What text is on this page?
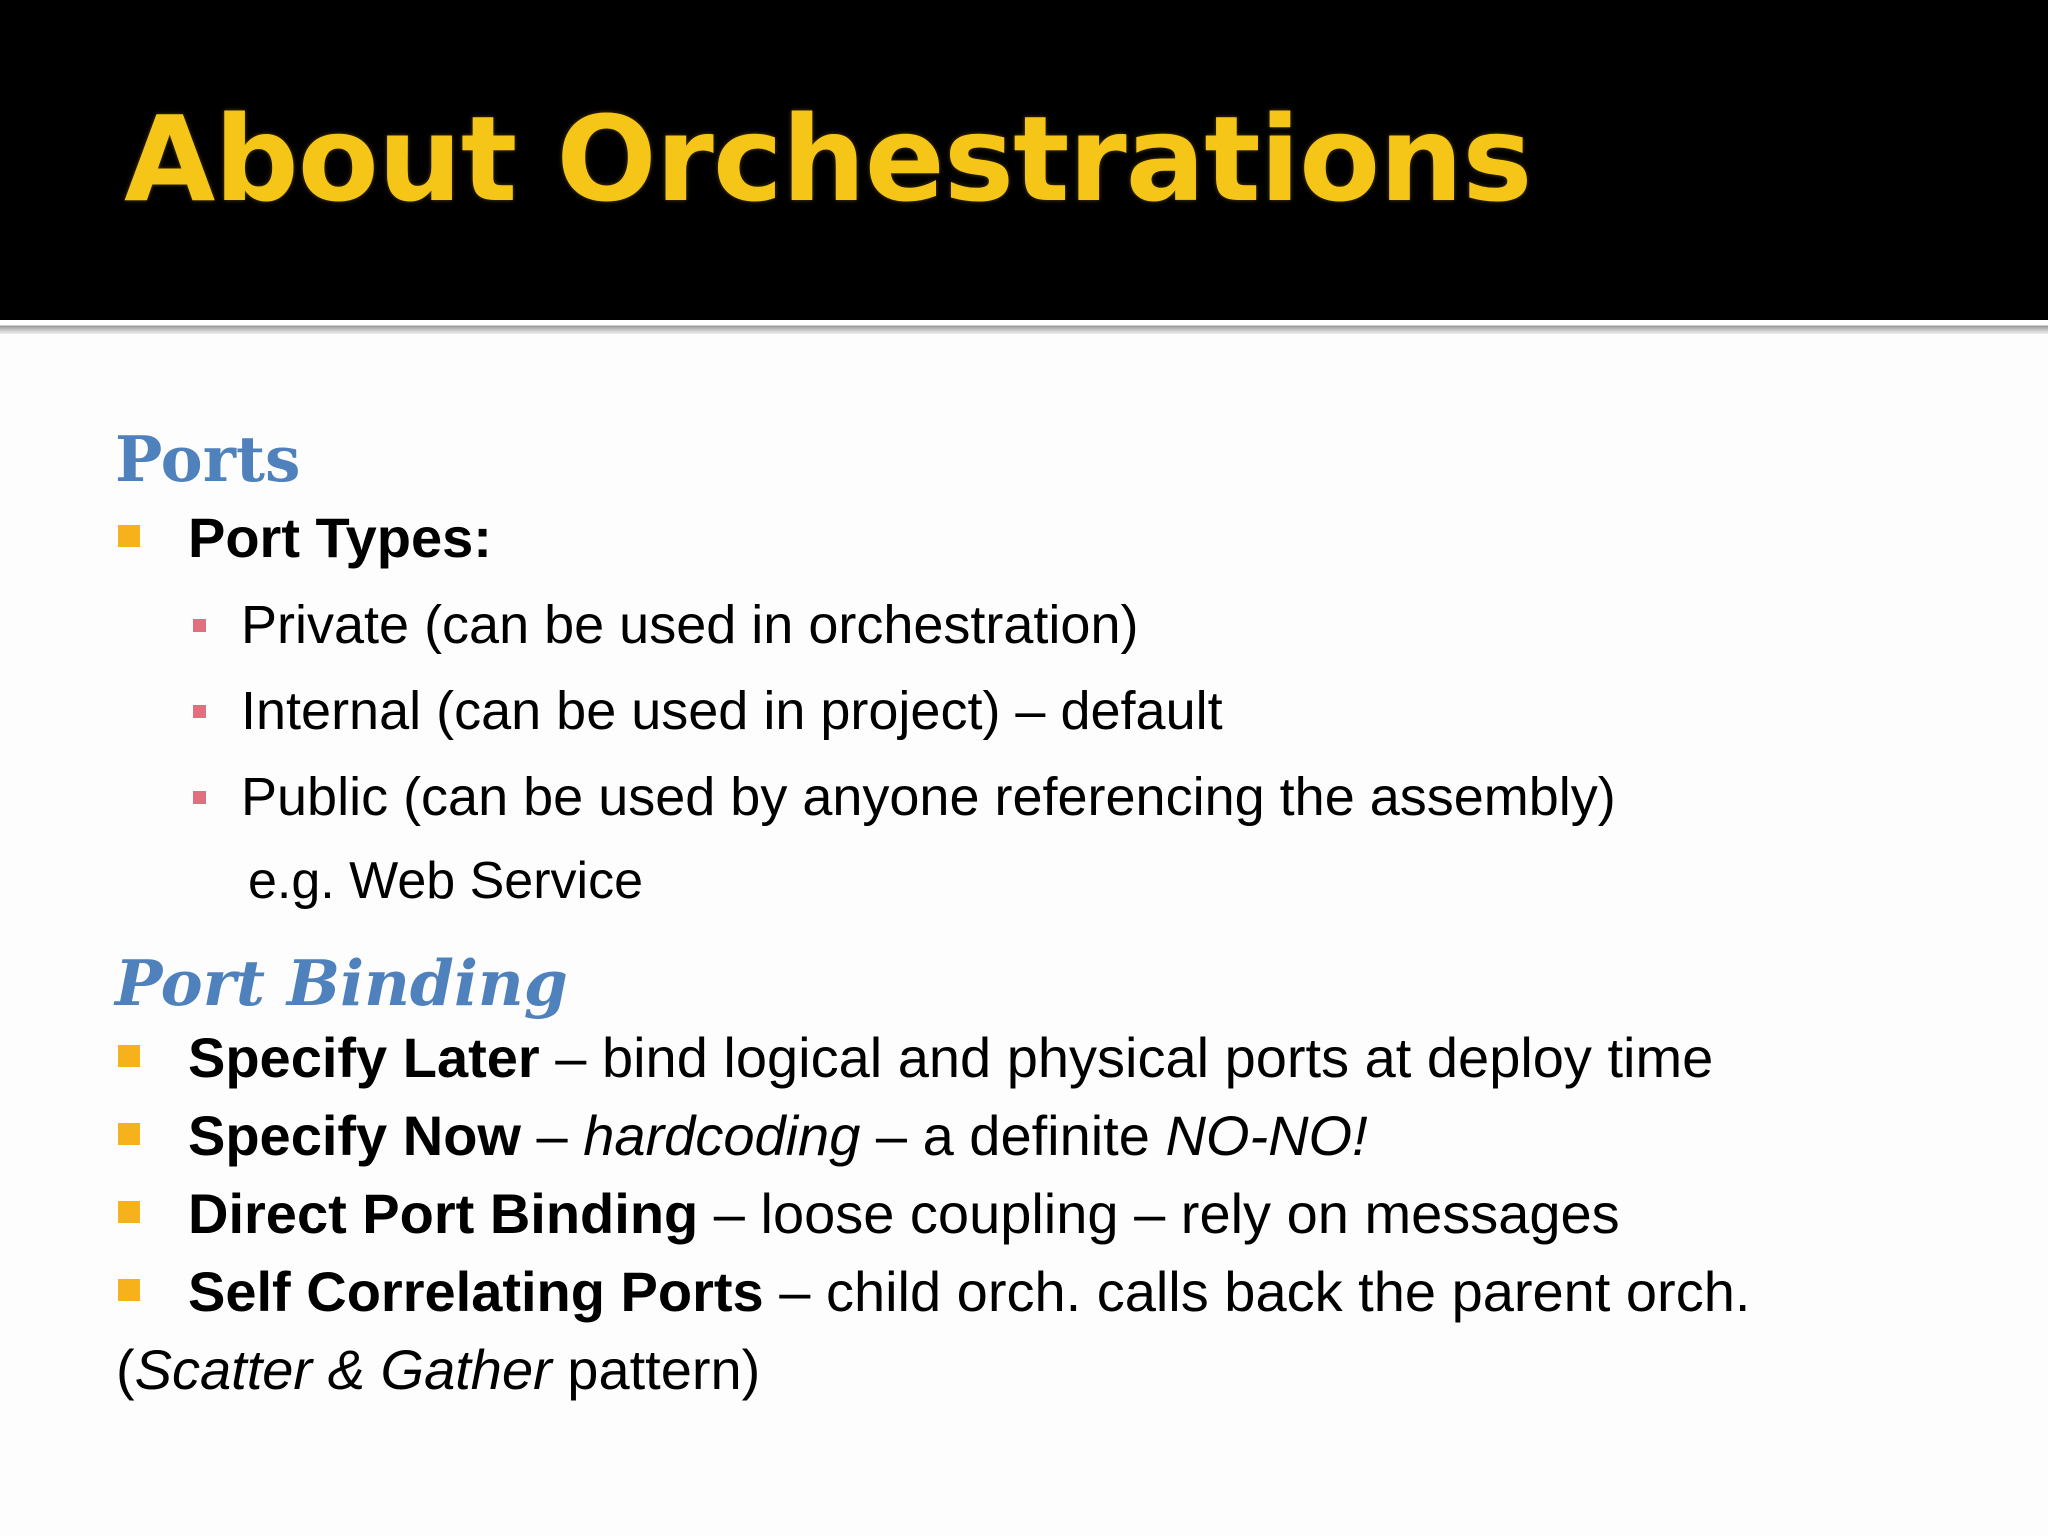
About Orchestrations
Ports
Port Types:
Private (can be used in orchestration)
Internal (can be used in project) – default
Public (can be used by anyone referencing the assembly)
e.g. Web Service
Port Binding
Specify Later – bind logical and physical ports at deploy time
Specify Now – hardcoding – a definite NO-NO!
Direct Port Binding – loose coupling – rely on messages
Self Correlating Ports – child orch. calls back the parent orch.
(Scatter & Gather pattern)
